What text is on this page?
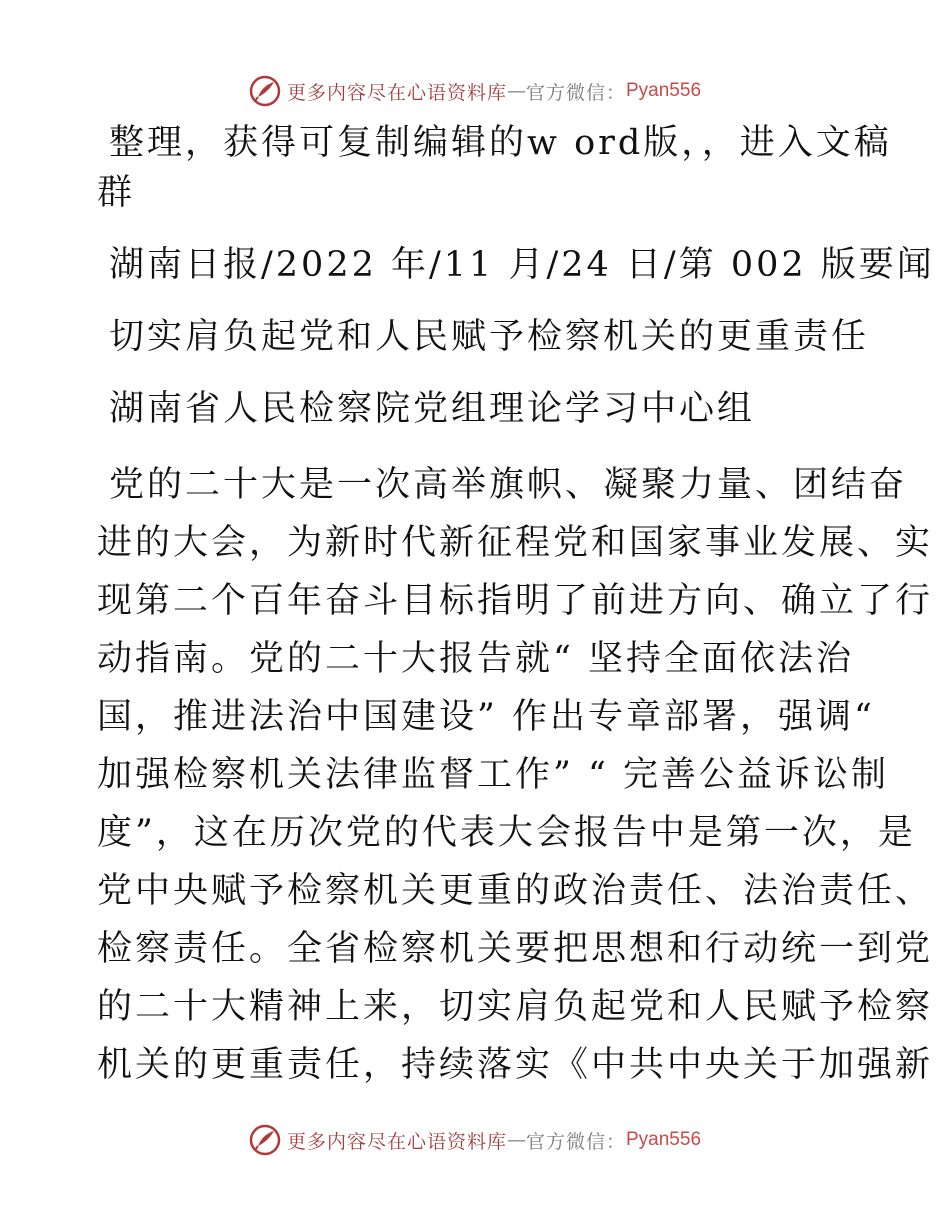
更多内容尽在心语资料库 — 官方微信： Pyan556
整理，获得可复制编辑的w ord版，，进入文稿
群
湖南日报/2022 年/11 月/24 日/第 002 版要闻
切实肩负起党和人民赋予检察机关的更重责任
湖南省人民检察院党组理论学习中心组
党的二十大是一次高举旗帜、凝聚力量、团结奋
进的大会，为新时代新征程党和国家事业发展、实
现第二个百年奋斗目标指明了前进方向、确立了行
动指南。党的二十大报告就“ 坚持全面依法治
国，推进法治中国建设” 作出专章部署，强调“
加强检察机关法律监督工作” “ 完善公益诉讼制
度”，这在历次党的代表大会报告中是第一次，是
党中央赋予检察机关更重的政治责任、法治责任、
检察责任。全省检察机关要把思想和行动统一到党
的二十大精神上来，切实肩负起党和人民赋予检察
机关的更重责任，持续落实《中共中央关于加强新
更多内容尽在心语资料库 — 官方微信： Pyan556
